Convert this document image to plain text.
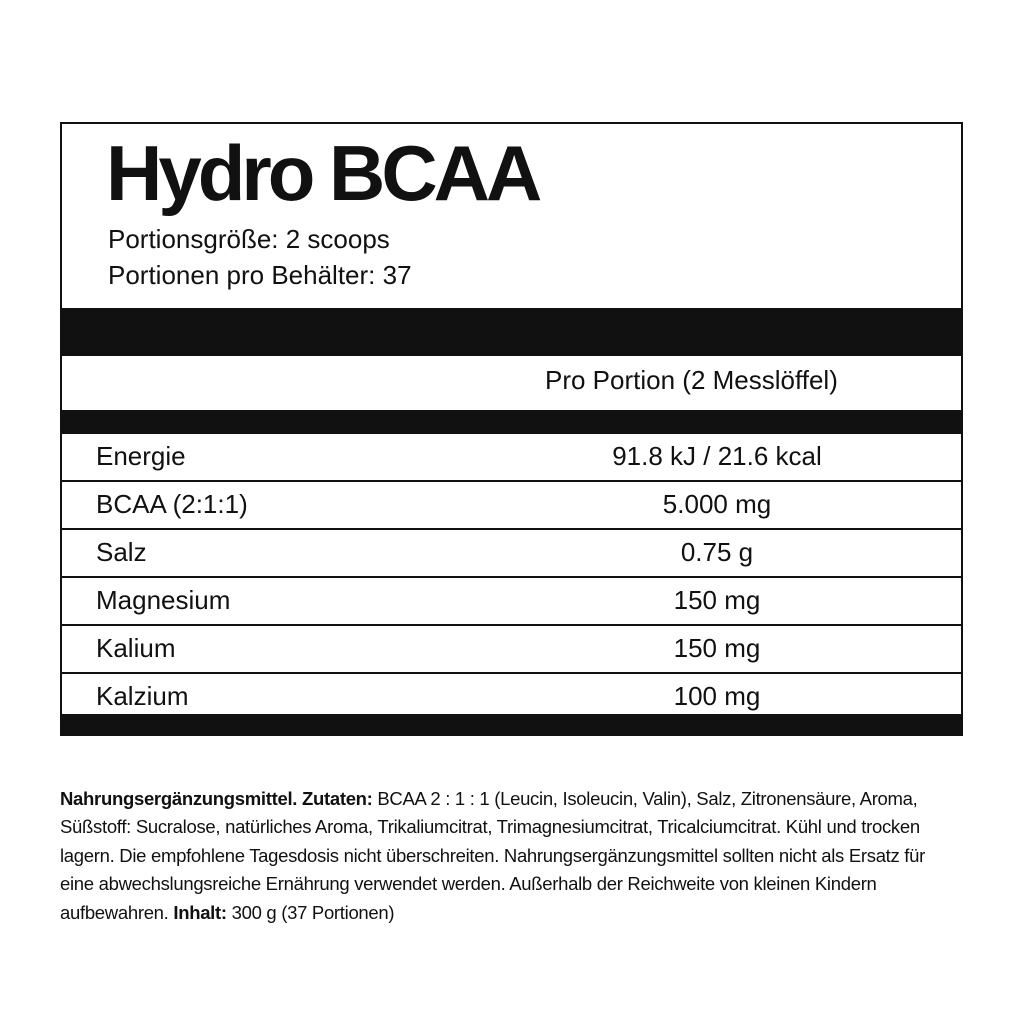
Hydro BCAA
Portionsgröße: 2 scoops
Portionen pro Behälter: 37
Pro Portion (2 Messlöffel)
Energie	91.8 kJ / 21.6 kcal
BCAA (2:1:1)	5.000 mg
Salz	0.75 g
Magnesium	150 mg
Kalium	150 mg
Kalzium	100 mg

Nahrungsergänzungsmittel. Zutaten: BCAA 2 : 1 : 1 (Leucin, Isoleucin, Valin), Salz, Zitronensäure, Aroma, Süßstoff: Sucralose, natürliches Aroma, Trikaliumcitrat, Trimagnesiumcitrat, Tricalciumcitrat. Kühl und trocken lagern. Die empfohlene Tagesdosis nicht überschreiten. Nahrungsergänzungsmittel sollten nicht als Ersatz für eine abwechslungsreiche Ernährung verwendet werden. Außerhalb der Reichweite von kleinen Kindern aufbewahren. Inhalt: 300 g (37 Portionen)
